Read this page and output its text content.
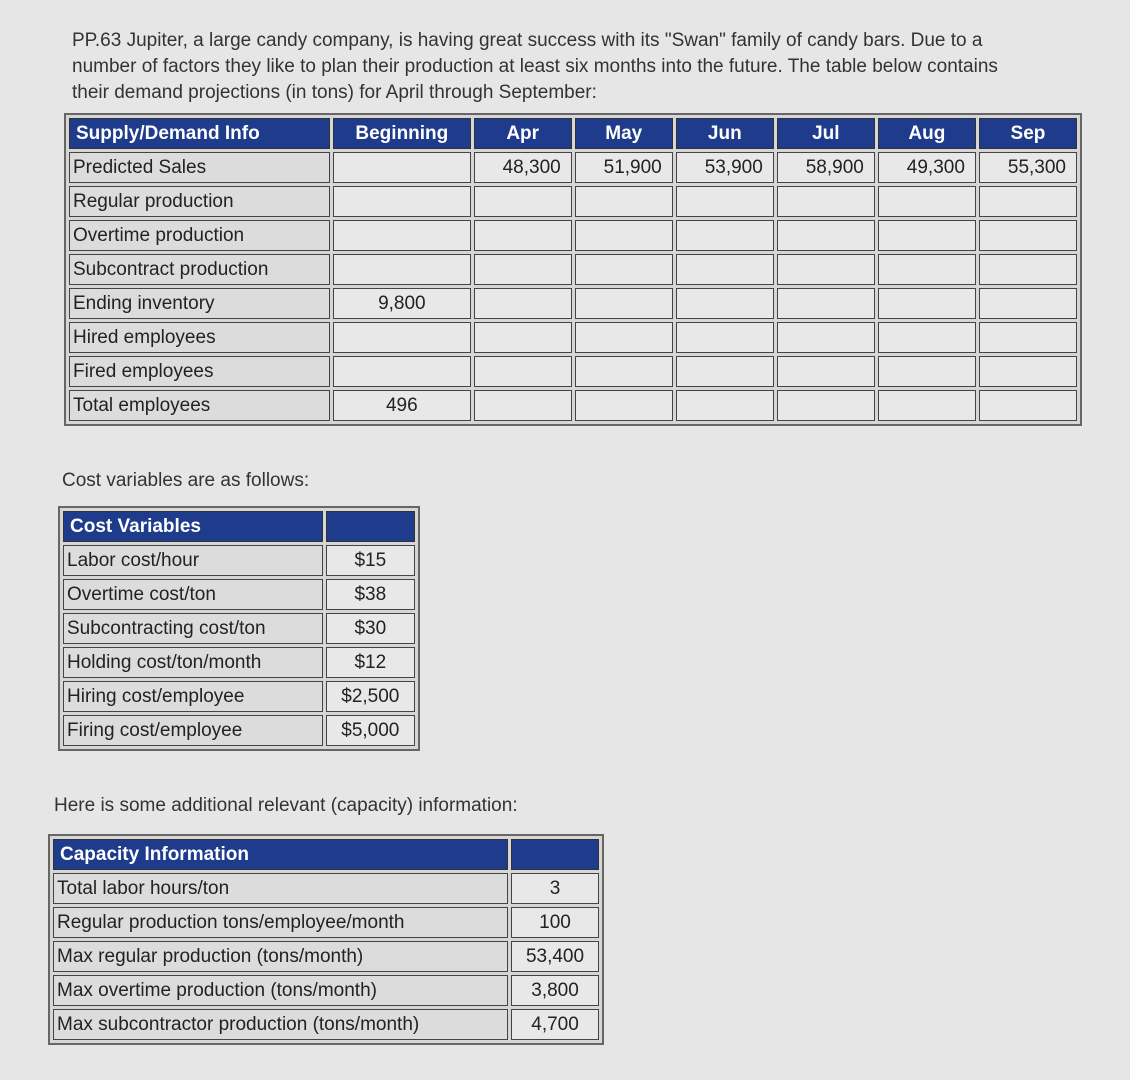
PP.63 Jupiter, a large candy company, is having great success with its "Swan" family of candy bars. Due to a number of factors they like to plan their production at least six months into the future. The table below contains their demand projections (in tons) for April through September:

Supply/Demand Info	Beginning	Apr	May	Jun	Jul	Aug	Sep
Predicted Sales		48,300	51,900	53,900	58,900	49,300	55,300
Regular production							
Overtime production							
Subcontract production							
Ending inventory	9,800						
Hired employees							
Fired employees							
Total employees	496						
Cost variables are as follows:
Cost Variables	
Labor cost/hour	$15
Overtime cost/ton	$38
Subcontracting cost/ton	$30
Holding cost/ton/month	$12
Hiring cost/employee	$2,500
Firing cost/employee	$5,000
Here is some additional relevant (capacity) information:
Capacity Information	
Total labor hours/ton	3
Regular production tons/employee/month	100
Max regular production (tons/month)	53,400
Max overtime production (tons/month)	3,800
Max subcontractor production (tons/month)	4,700
